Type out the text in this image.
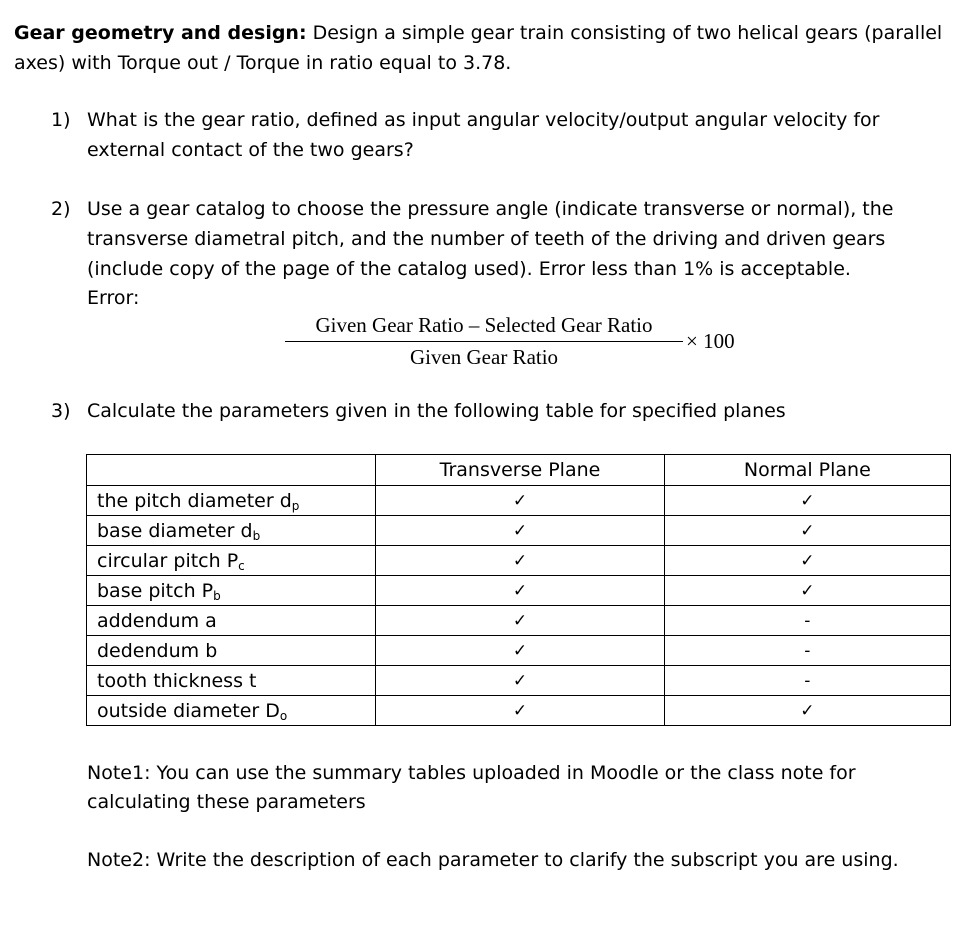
Gear geometry and design: Design a simple gear train consisting of two helical gears (parallel
axes) with Torque out / Torque in ratio equal to 3.78.
1) What is the gear ratio, defined as input angular velocity/output angular velocity for
external contact of the two gears?
2) Use a gear catalog to choose the pressure angle (indicate transverse or normal), the
transverse diametral pitch, and the number of teeth of the driving and driven gears
(include copy of the page of the catalog used). Error less than 1% is acceptable.
Error:
Given Gear Ratio – Selected Gear Ratio
Given Gear Ratio
× 100
3) Calculate the parameters given in the following table for specified planes
	Transverse Plane	Normal Plane
the pitch diameter $d_p$	✓	✓
base diameter $d_b$	✓	✓
circular pitch $P_c$	✓	✓
base pitch $P_b$	✓	✓
addendum a	✓	-
dedendum b	✓	-
tooth thickness t	✓	-
outside diameter $D_o$	✓	✓
Note1: You can use the summary tables uploaded in Moodle or the class note for
calculating these parameters
Note2: Write the description of each parameter to clarify the subscript you are using.
